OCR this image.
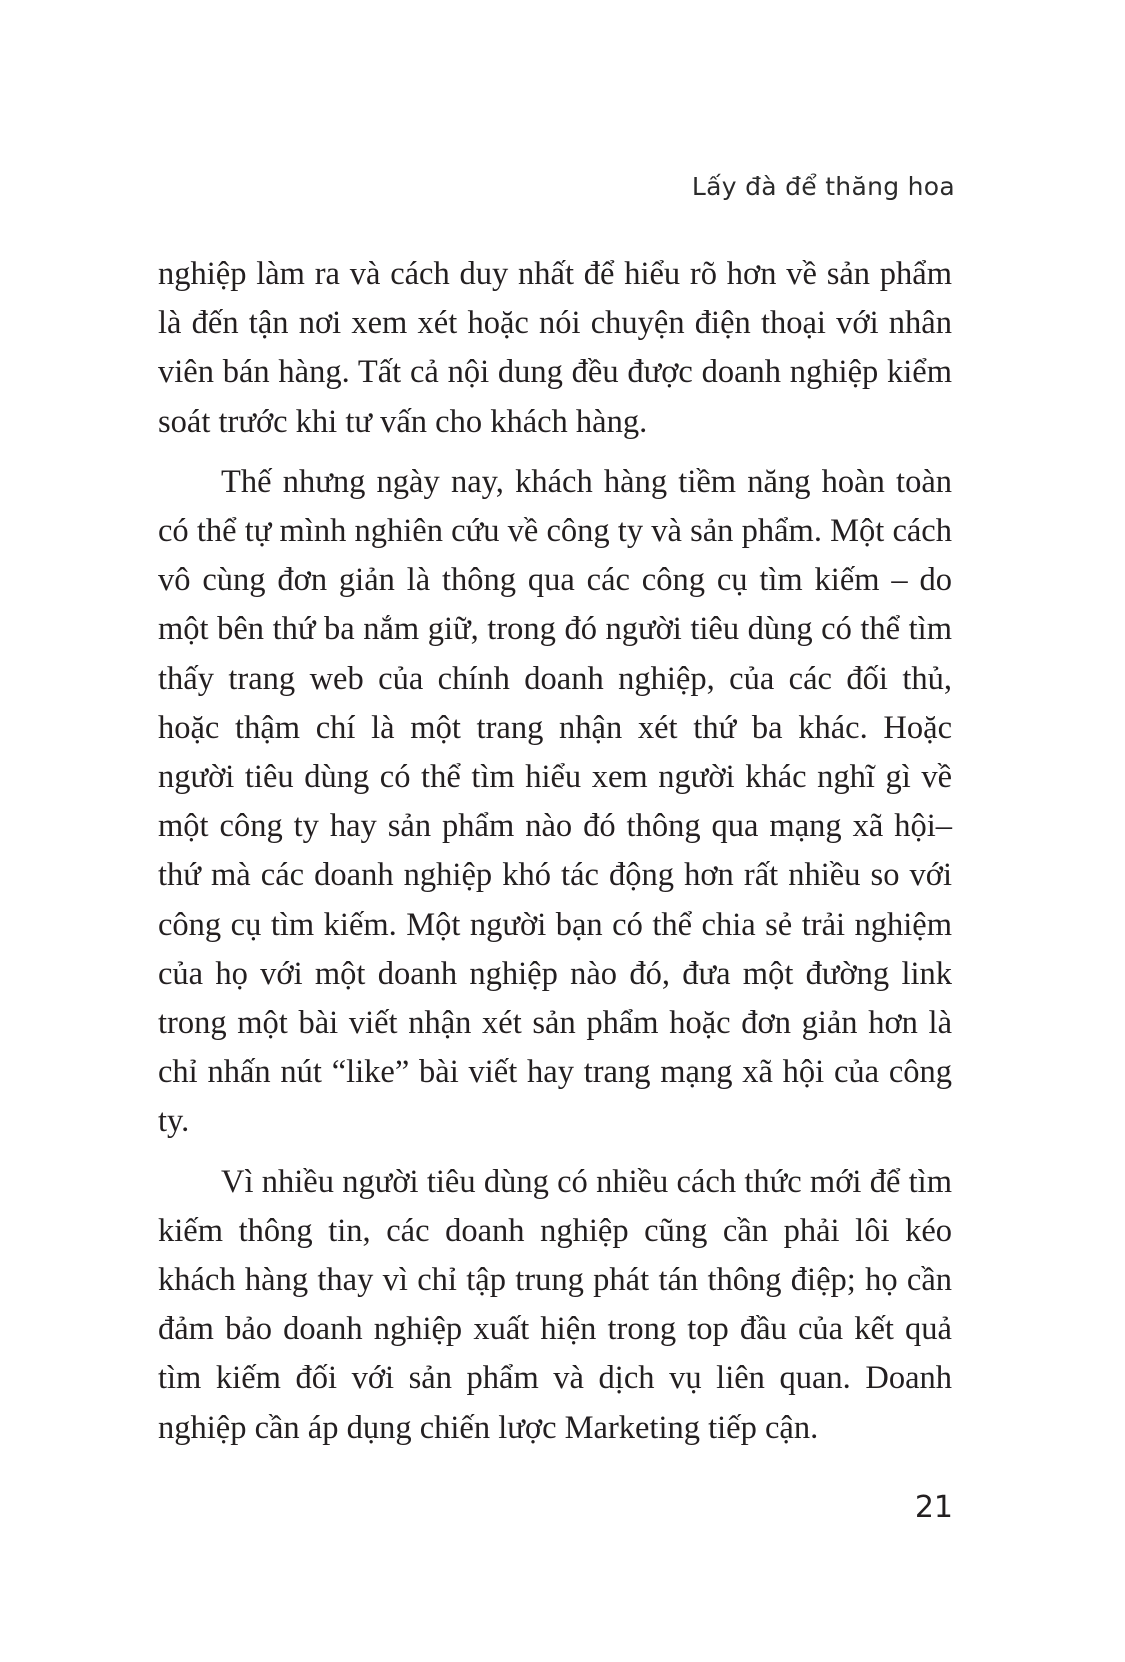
Lấy đà để thăng hoa

nghiệp làm ra và cách duy nhất để hiểu rõ hơn về sản phẩm là đến tận nơi xem xét hoặc nói chuyện điện thoại với nhân viên bán hàng. Tất cả nội dung đều được doanh nghiệp kiểm soát trước khi tư vấn cho khách hàng.

Thế nhưng ngày nay, khách hàng tiềm năng hoàn toàn có thể tự mình nghiên cứu về công ty và sản phẩm. Một cách vô cùng đơn giản là thông qua các công cụ tìm kiếm – do một bên thứ ba nắm giữ, trong đó người tiêu dùng có thể tìm thấy trang web của chính doanh nghiệp, của các đối thủ, hoặc thậm chí là một trang nhận xét thứ ba khác. Hoặc người tiêu dùng có thể tìm hiểu xem người khác nghĩ gì về một công ty hay sản phẩm nào đó thông qua mạng xã hội– thứ mà các doanh nghiệp khó tác động hơn rất nhiều so với công cụ tìm kiếm. Một người bạn có thể chia sẻ trải nghiệm của họ với một doanh nghiệp nào đó, đưa một đường link trong một bài viết nhận xét sản phẩm hoặc đơn giản hơn là chỉ nhấn nút “like” bài viết hay trang mạng xã hội của công ty.

Vì nhiều người tiêu dùng có nhiều cách thức mới để tìm kiếm thông tin, các doanh nghiệp cũng cần phải lôi kéo khách hàng thay vì chỉ tập trung phát tán thông điệp; họ cần đảm bảo doanh nghiệp xuất hiện trong top đầu của kết quả tìm kiếm đối với sản phẩm và dịch vụ liên quan. Doanh nghiệp cần áp dụng chiến lược Marketing tiếp cận.

21
